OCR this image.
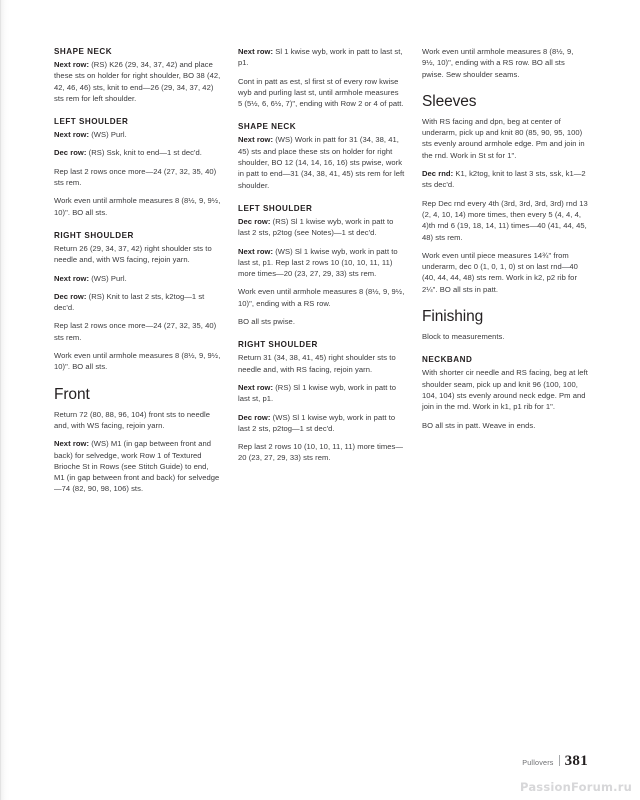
SHAPE NECK

Next row: (RS) K26 (29, 34, 37, 42) and place these sts on holder for right shoulder, BO 38 (42, 42, 46, 46) sts, knit to end—26 (29, 34, 37, 42) sts rem for left shoulder.

LEFT SHOULDER

Next row: (WS) Purl.

Dec row: (RS) Ssk, knit to end—1 st dec'd.

Rep last 2 rows once more—24 (27, 32, 35, 40) sts rem.

Work even until armhole measures 8 (8½, 9, 9½, 10)". BO all sts.

RIGHT SHOULDER

Return 26 (29, 34, 37, 42) right shoulder sts to needle and, with WS facing, rejoin yarn.

Next row: (WS) Purl.

Dec row: (RS) Knit to last 2 sts, k2tog—1 st dec'd.

Rep last 2 rows once more—24 (27, 32, 35, 40) sts rem.

Work even until armhole measures 8 (8½, 9, 9½, 10)". BO all sts.

Front

Return 72 (80, 88, 96, 104) front sts to needle and, with WS facing, rejoin yarn.

Next row: (WS) M1 (in gap between front and back) for selvedge, work Row 1 of Textured Brioche St in Rows (see Stitch Guide) to end, M1 (in gap between front and back) for selvedge—74 (82, 90, 98, 106) sts.

Next row: Sl 1 kwise wyb, work in patt to last st, p1.

Cont in patt as est, sl first st of every row kwise wyb and purling last st, until armhole measures 5 (5½, 6, 6½, 7)", ending with Row 2 or 4 of patt.

SHAPE NECK

Next row: (WS) Work in patt for 31 (34, 38, 41, 45) sts and place these sts on holder for right shoulder, BO 12 (14, 14, 16, 16) sts pwise, work in patt to end—31 (34, 38, 41, 45) sts rem for left shoulder.

LEFT SHOULDER

Dec row: (RS) Sl 1 kwise wyb, work in patt to last 2 sts, p2tog (see Notes)—1 st dec'd.

Next row: (WS) Sl 1 kwise wyb, work in patt to last st, p1. Rep last 2 rows 10 (10, 10, 11, 11) more times—20 (23, 27, 29, 33) sts rem.

Work even until armhole measures 8 (8½, 9, 9½, 10)", ending with a RS row.

BO all sts pwise.

RIGHT SHOULDER

Return 31 (34, 38, 41, 45) right shoulder sts to needle and, with RS facing, rejoin yarn.

Next row: (RS) Sl 1 kwise wyb, work in patt to last st, p1.

Dec row: (WS) Sl 1 kwise wyb, work in patt to last 2 sts, p2tog—1 st dec'd.

Rep last 2 rows 10 (10, 10, 11, 11) more times—20 (23, 27, 29, 33) sts rem.

Work even until armhole measures 8 (8½, 9, 9½, 10)", ending with a RS row. BO all sts pwise. Sew shoulder seams.

Sleeves

With RS facing and dpn, beg at center of underarm, pick up and knit 80 (85, 90, 95, 100) sts evenly around armhole edge. Pm and join in the rnd. Work in St st for 1".

Dec rnd: K1, k2tog, knit to last 3 sts, ssk, k1—2 sts dec'd.

Rep Dec rnd every 4th (3rd, 3rd, 3rd, 3rd) rnd 13 (2, 4, 10, 14) more times, then every 5 (4, 4, 4, 4)th rnd 6 (19, 18, 14, 11) times—40 (41, 44, 45, 48) sts rem.

Work even until piece measures 14¾" from underarm, dec 0 (1, 0, 1, 0) st on last rnd—40 (40, 44, 44, 48) sts rem. Work in k2, p2 rib for 2¼". BO all sts in patt.

Finishing

Block to measurements.

NECKBAND

With shorter cir needle and RS facing, beg at left shoulder seam, pick up and knit 96 (100, 100, 104, 104) sts evenly around neck edge. Pm and join in the rnd. Work in k1, p1 rib for 1".

BO all sts in patt. Weave in ends.

Pullovers 381
PassionForum.ru
